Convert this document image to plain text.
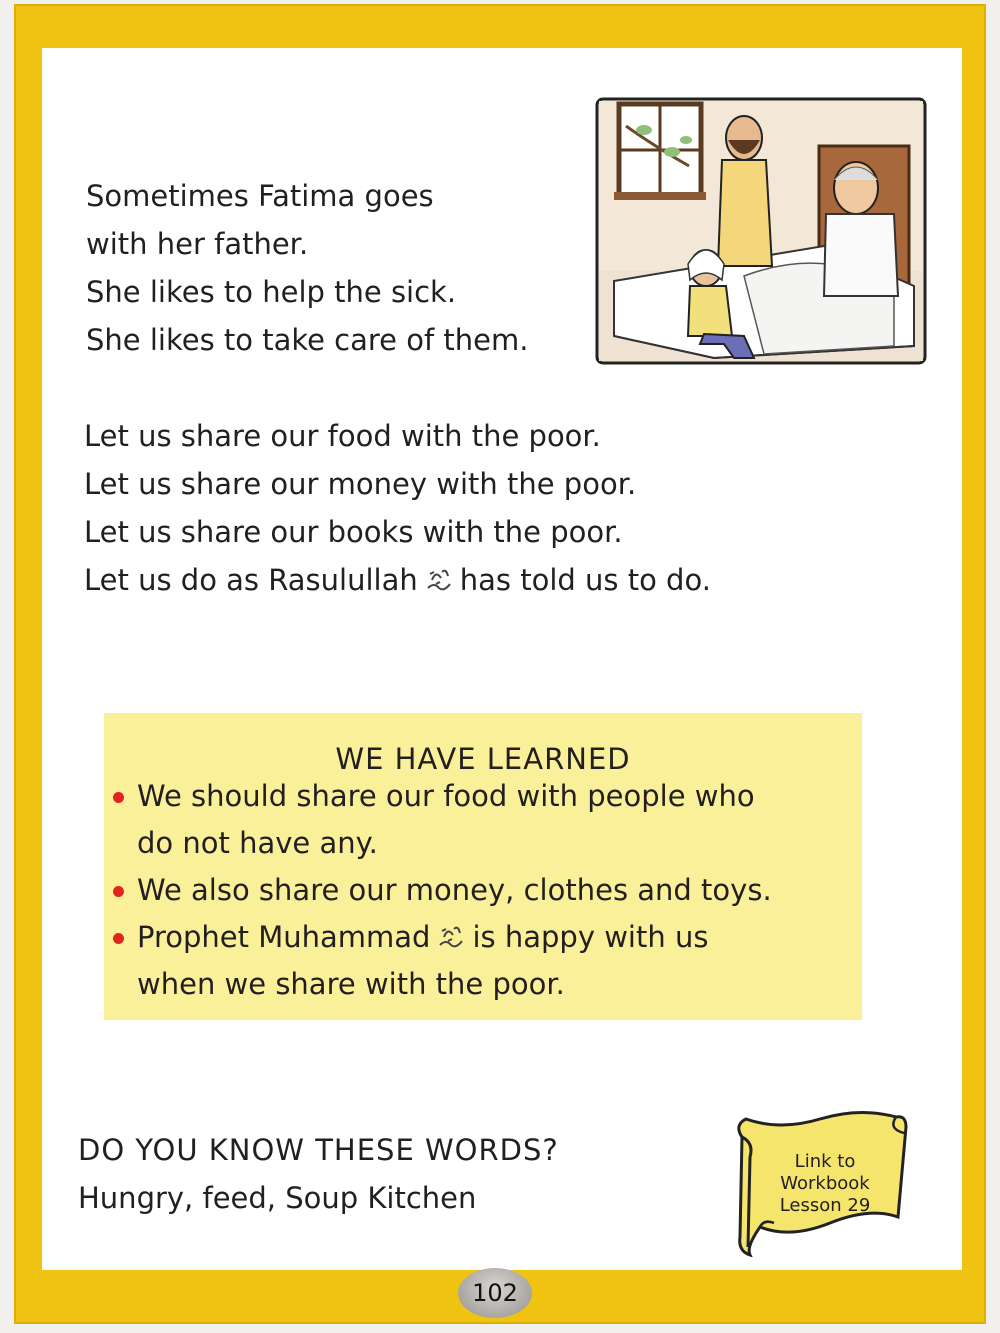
Sometimes Fatima goes
with her father.
She likes to help the sick.
She likes to take care of them.
Let us share our food with the poor.
Let us share our money with the poor.
Let us share our books with the poor.
Let us do as Rasulullah has told us to do.
WE HAVE LEARNED
We should share our food with people who
do not have any.
We also share our money, clothes and toys.
Prophet Muhammad is happy with us
when we share with the poor.
DO YOU KNOW THESE WORDS?
Hungry, feed, Soup Kitchen
Link to
Workbook
Lesson 29
102
